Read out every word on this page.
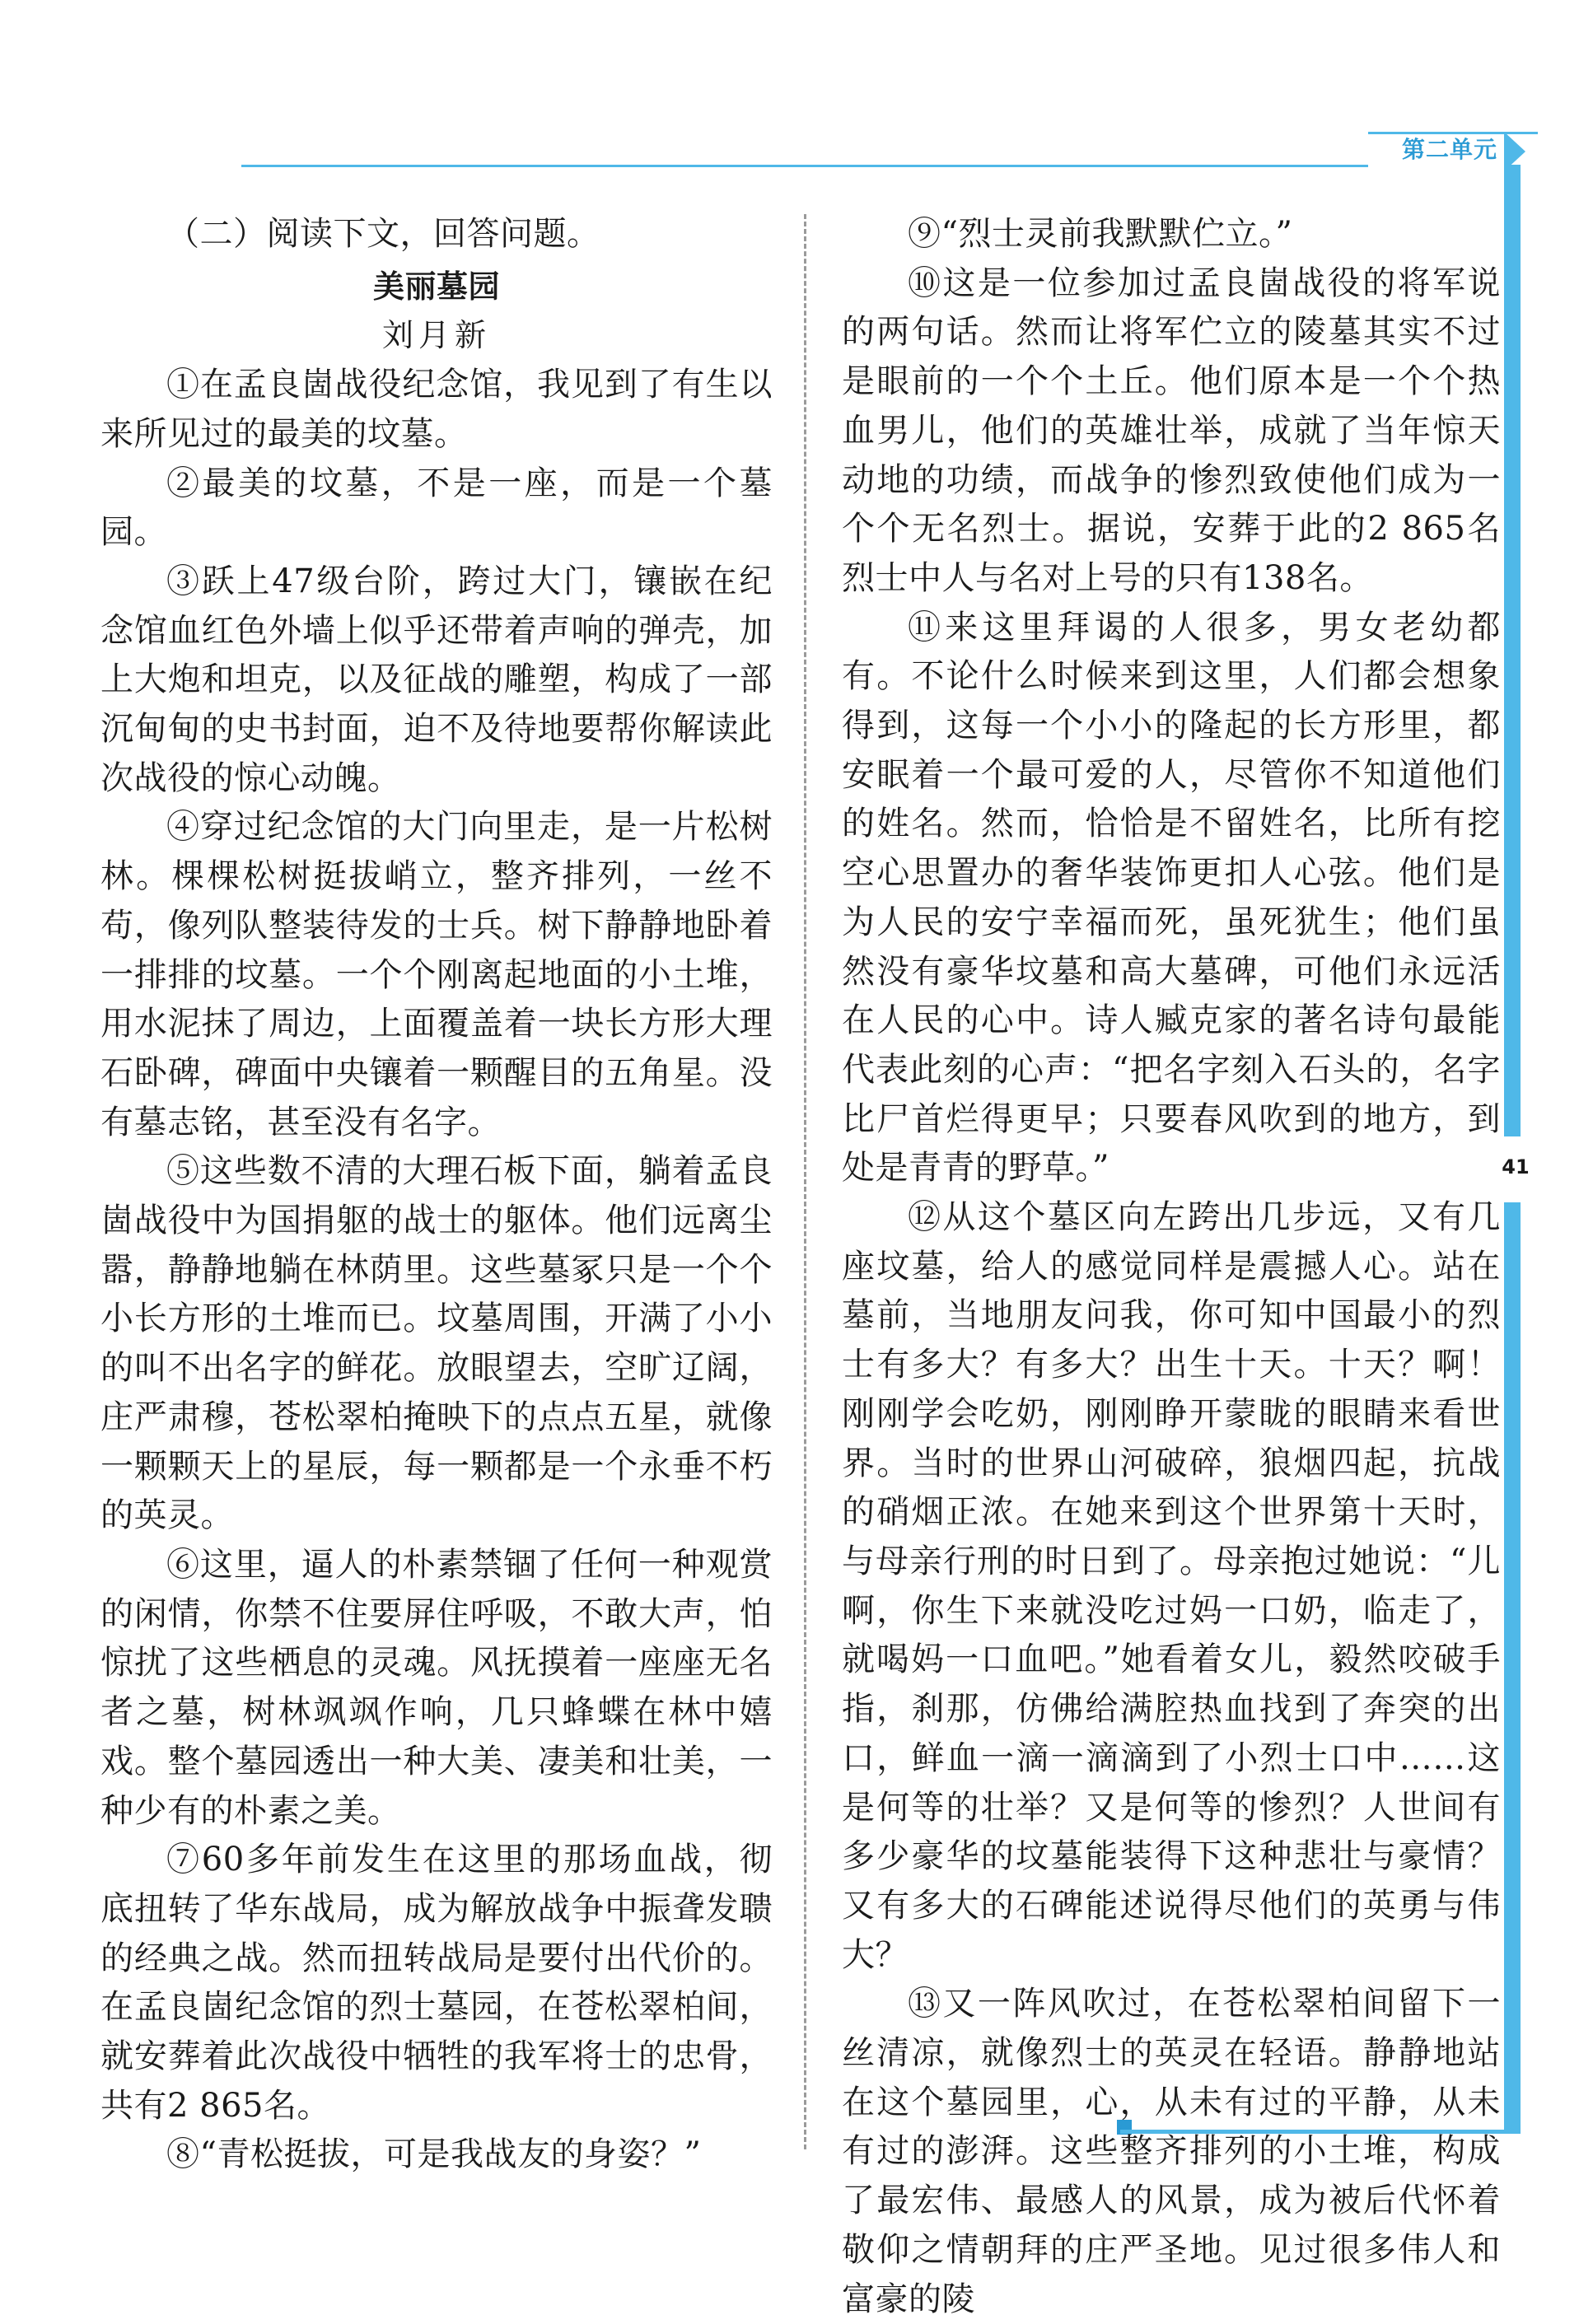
第二单元
41

（二）阅读下文，回答问题。

美丽墓园

刘月新

①在孟良崮战役纪念馆，我见到了有生以来所见过的最美的坟墓。

②最美的坟墓，不是一座，而是一个墓园。

③跃上47级台阶，跨过大门，镶嵌在纪念馆血红色外墙上似乎还带着声响的弹壳，加上大炮和坦克，以及征战的雕塑，构成了一部沉甸甸的史书封面，迫不及待地要帮你解读此次战役的惊心动魄。

④穿过纪念馆的大门向里走，是一片松树林。棵棵松树挺拔峭立，整齐排列，一丝不苟，像列队整装待发的士兵。树下静静地卧着一排排的坟墓。一个个刚离起地面的小土堆，用水泥抹了周边，上面覆盖着一块长方形大理石卧碑，碑面中央镶着一颗醒目的五角星。没有墓志铭，甚至没有名字。

⑤这些数不清的大理石板下面，躺着孟良崮战役中为国捐躯的战士的躯体。他们远离尘嚣，静静地躺在林荫里。这些墓冢只是一个个小长方形的土堆而已。坟墓周围，开满了小小的叫不出名字的鲜花。放眼望去，空旷辽阔，庄严肃穆，苍松翠柏掩映下的点点五星，就像一颗颗天上的星辰，每一颗都是一个永垂不朽的英灵。

⑥这里，逼人的朴素禁锢了任何一种观赏的闲情，你禁不住要屏住呼吸，不敢大声，怕惊扰了这些栖息的灵魂。风抚摸着一座座无名者之墓，树林飒飒作响，几只蜂蝶在林中嬉戏。整个墓园透出一种大美、凄美和壮美，一种少有的朴素之美。

⑦60多年前发生在这里的那场血战，彻底扭转了华东战局，成为解放战争中振聋发聩的经典之战。然而扭转战局是要付出代价的。在孟良崮纪念馆的烈士墓园，在苍松翠柏间，就安葬着此次战役中牺牲的我军将士的忠骨，共有2 865名。

⑧“青松挺拔，可是我战友的身姿？”

⑨“烈士灵前我默默伫立。”

⑩这是一位参加过孟良崮战役的将军说的两句话。然而让将军伫立的陵墓其实不过是眼前的一个个土丘。他们原本是一个个热血男儿，他们的英雄壮举，成就了当年惊天动地的功绩，而战争的惨烈致使他们成为一个个无名烈士。据说，安葬于此的2 865名烈士中人与名对上号的只有138名。

⑪来这里拜谒的人很多，男女老幼都有。不论什么时候来到这里，人们都会想象得到，这每一个小小的隆起的长方形里，都安眠着一个最可爱的人，尽管你不知道他们的姓名。然而，恰恰是不留姓名，比所有挖空心思置办的奢华装饰更扣人心弦。他们是为人民的安宁幸福而死，虽死犹生；他们虽然没有豪华坟墓和高大墓碑，可他们永远活在人民的心中。诗人臧克家的著名诗句最能代表此刻的心声：“把名字刻入石头的，名字比尸首烂得更早；只要春风吹到的地方，到处是青青的野草。”

⑫从这个墓区向左跨出几步远，又有几座坟墓，给人的感觉同样是震撼人心。站在墓前，当地朋友问我，你可知中国最小的烈士有多大？有多大？出生十天。十天？啊！刚刚学会吃奶，刚刚睁开蒙眬的眼睛来看世界。当时的世界山河破碎，狼烟四起，抗战的硝烟正浓。在她来到这个世界第十天时，与母亲行刑的时日到了。母亲抱过她说：“儿啊，你生下来就没吃过妈一口奶，临走了，就喝妈一口血吧。”她看着女儿，毅然咬破手指，刹那，仿佛给满腔热血找到了奔突的出口，鲜血一滴一滴滴到了小烈士口中……这是何等的壮举？又是何等的惨烈？人世间有多少豪华的坟墓能装得下这种悲壮与豪情？又有多大的石碑能述说得尽他们的英勇与伟大？

⑬又一阵风吹过，在苍松翠柏间留下一丝清凉，就像烈士的英灵在轻语。静静地站在这个墓园里，心，从未有过的平静，从未有过的澎湃。这些整齐排列的小土堆，构成了最宏伟、最感人的风景，成为被后代怀着敬仰之情朝拜的庄严圣地。见过很多伟人和富豪的陵
